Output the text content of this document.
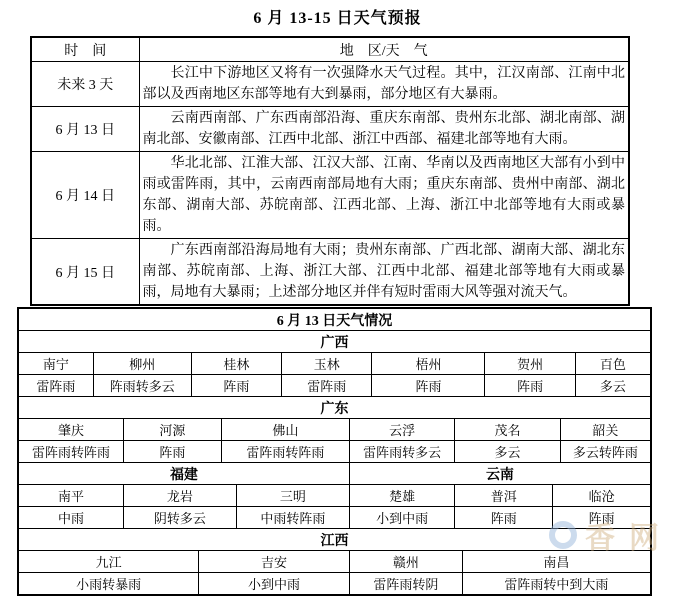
6 月 13-15 日天气预报
时　间	地　区/天　气
未来 3 天	长江中下游地区又将有一次强降水天气过程。其中，江汉南部、江南中北部以及西南地区东部等地有大到暴雨，部分地区有大暴雨。
6 月 13 日	云南西南部、广东西南部沿海、重庆东南部、贵州东北部、湖北南部、湖南北部、安徽南部、江西中北部、浙江中西部、福建北部等地有大雨。
6 月 14 日	华北北部、江淮大部、江汉大部、江南、华南以及西南地区大部有小到中雨或雷阵雨，其中，云南西南部局地有大雨；重庆东南部、贵州中南部、湖北东部、湖南大部、苏皖南部、江西北部、上海、浙江中北部等地有大雨或暴雨。
6 月 15 日	广东西南部沿海局地有大雨；贵州东南部、广西北部、湖南大部、湖北东南部、苏皖南部、上海、浙江大部、江西中北部、福建北部等地有大雨或暴雨，局地有大暴雨；上述部分地区并伴有短时雷雨大风等强对流天气。
6 月 13 日天气情况															
广西															
南宁	柳州		桂林				玉林		梧州			贺州			百色
雷阵雨	阵雨转多云		阵雨				雷阵雨		阵雨			阵雨			多云
广东															
肇庆		河源			佛山			云浮		茂名				韶关	
雷阵雨转阵雨		阵雨			雷阵雨转阵雨			雷阵雨转多云		多云				多云转阵雨	
福建								云南							
南平		龙岩				三明		楚雄		普洱			临沧		
中雨		阴转多云				中雨转阵雨		小到中雨		阵雨			阵雨		
江西															
九江				吉安				赣州			南昌				
小雨转暴雨				小到中雨				雷阵雨转阴			雷阵雨转中到大雨				
香网
